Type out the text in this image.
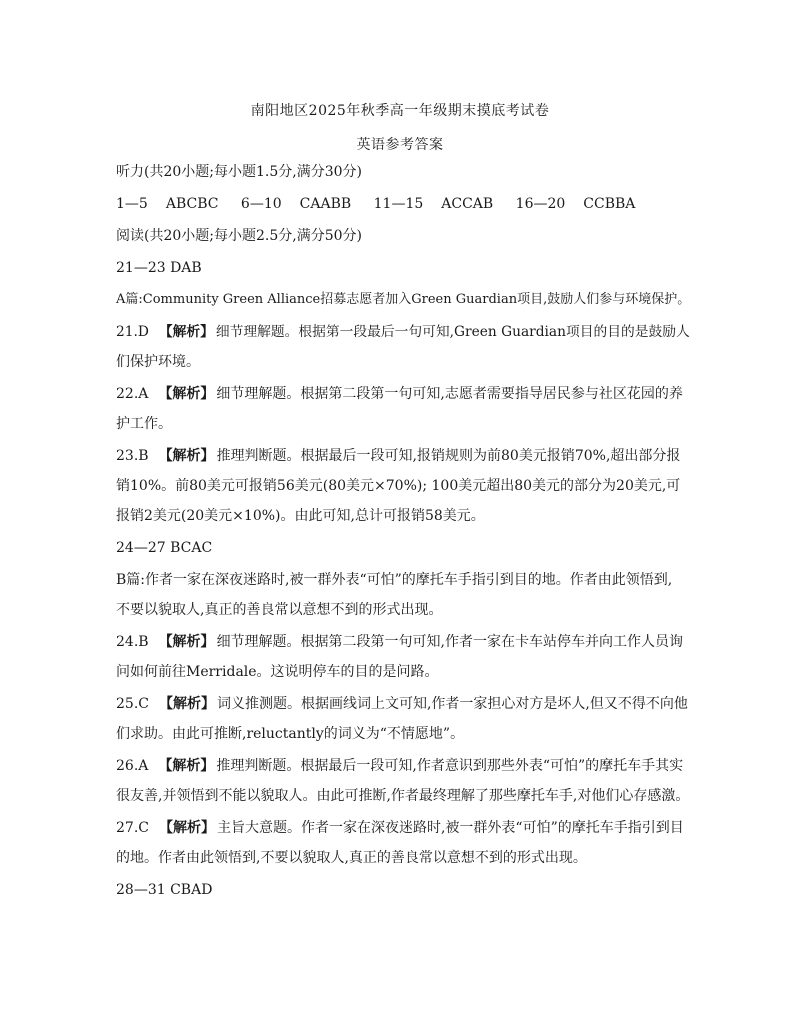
南阳地区2025年秋季高一年级期末摸底考试卷
英语参考答案
听力(共20小题;每小题1.5分,满分30分)
1—5 ABCBC 6—10 CAABB 11—15 ACCAB 16—20 CCBBA
阅读(共20小题;每小题2.5分,满分50分)
21—23 DAB
A篇:Community Green Alliance招募志愿者加入Green Guardian项目,鼓励人们参与环境保护。
21.D 【解析】 细节理解题。根据第一段最后一句可知,Green Guardian项目的目的是鼓励人
们保护环境。
22.A 【解析】 细节理解题。根据第二段第一句可知,志愿者需要指导居民参与社区花园的养
护工作。
23.B 【解析】 推理判断题。根据最后一段可知,报销规则为前80美元报销70%,超出部分报
销10%。前80美元可报销56美元(80美元×70%); 100美元超出80美元的部分为20美元,可
报销2美元(20美元×10%)。由此可知,总计可报销58美元。
24—27 BCAC
B篇:作者一家在深夜迷路时,被一群外表“可怕”的摩托车手指引到目的地。作者由此领悟到,
不要以貌取人,真正的善良常以意想不到的形式出现。
24.B 【解析】 细节理解题。根据第二段第一句可知,作者一家在卡车站停车并向工作人员询
问如何前往Merridale。这说明停车的目的是问路。
25.C 【解析】 词义推测题。根据画线词上文可知,作者一家担心对方是坏人,但又不得不向他
们求助。由此可推断,reluctantly的词义为“不情愿地”。
26.A 【解析】 推理判断题。根据最后一段可知,作者意识到那些外表“可怕”的摩托车手其实
很友善,并领悟到不能以貌取人。由此可推断,作者最终理解了那些摩托车手,对他们心存感激。
27.C 【解析】 主旨大意题。作者一家在深夜迷路时,被一群外表“可怕”的摩托车手指引到目
的地。作者由此领悟到,不要以貌取人,真正的善良常以意想不到的形式出现。
28—31 CBAD
